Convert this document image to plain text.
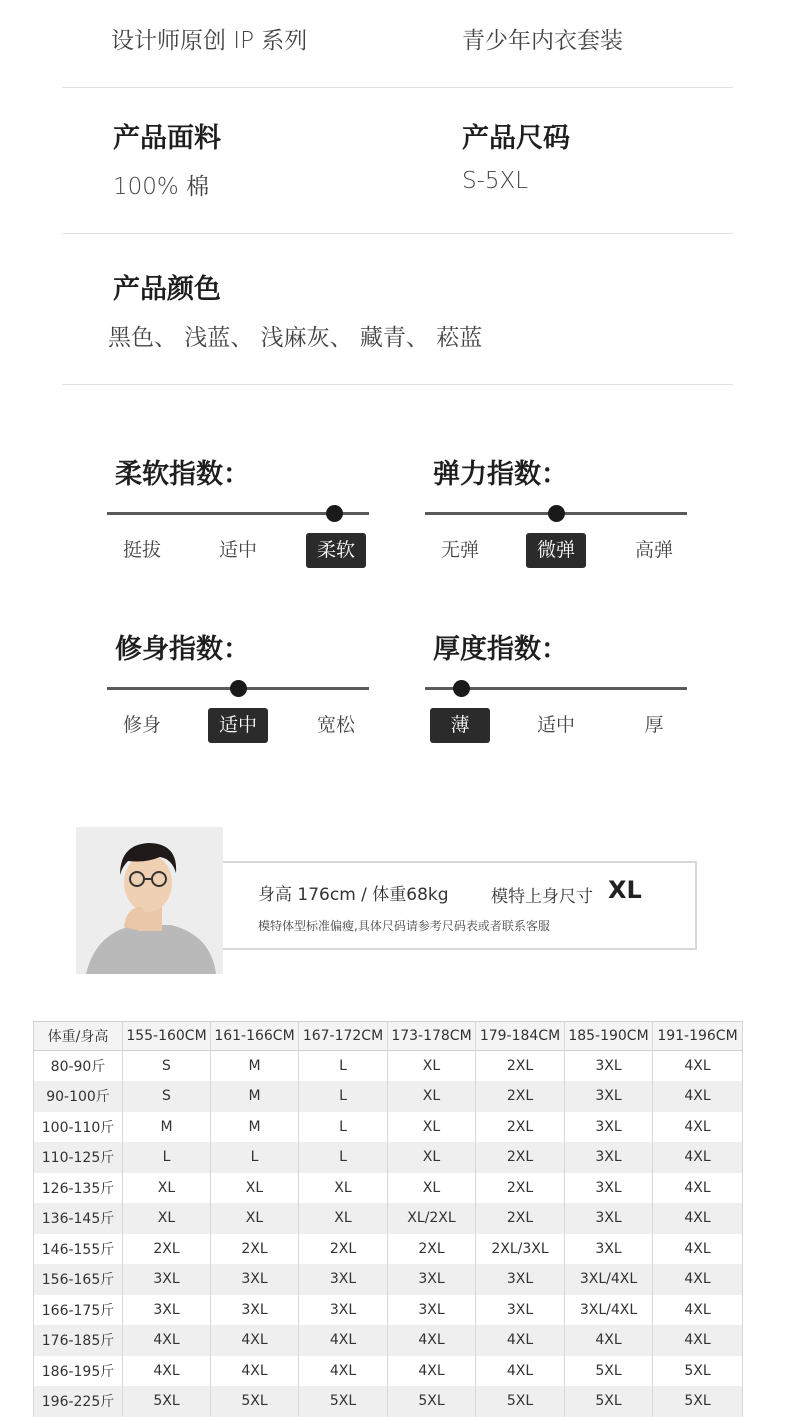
设计师原创 IP 系列	青少年内衣套装
产品面料
100% 棉
产品尺码
S-5XL
产品颜色
黑色、 浅蓝、 浅麻灰、 藏青、 菘蓝
柔软指数：
挺拔	适中	柔软
弹力指数：
无弹	微弹	高弹
修身指数：
修身	适中	宽松
厚度指数：
薄	适中	厚
身高 176cm / 体重68kg 模特上身尺寸 XL
模特体型标准偏瘦,具体尺码请参考尺码表或者联系客服
体重/身高	155-160CM	161-166CM	167-172CM	173-178CM	179-184CM	185-190CM	191-196CM
80-90斤	S	M	L	XL	2XL	3XL	4XL
90-100斤	S	M	L	XL	2XL	3XL	4XL
100-110斤	M	M	L	XL	2XL	3XL	4XL
110-125斤	L	L	L	XL	2XL	3XL	4XL
126-135斤	XL	XL	XL	XL	2XL	3XL	4XL
136-145斤	XL	XL	XL	XL/2XL	2XL	3XL	4XL
146-155斤	2XL	2XL	2XL	2XL	2XL/3XL	3XL	4XL
156-165斤	3XL	3XL	3XL	3XL	3XL	3XL/4XL	4XL
166-175斤	3XL	3XL	3XL	3XL	3XL	3XL/4XL	4XL
176-185斤	4XL	4XL	4XL	4XL	4XL	4XL	4XL
186-195斤	4XL	4XL	4XL	4XL	4XL	5XL	5XL
196-225斤	5XL	5XL	5XL	5XL	5XL	5XL	5XL
